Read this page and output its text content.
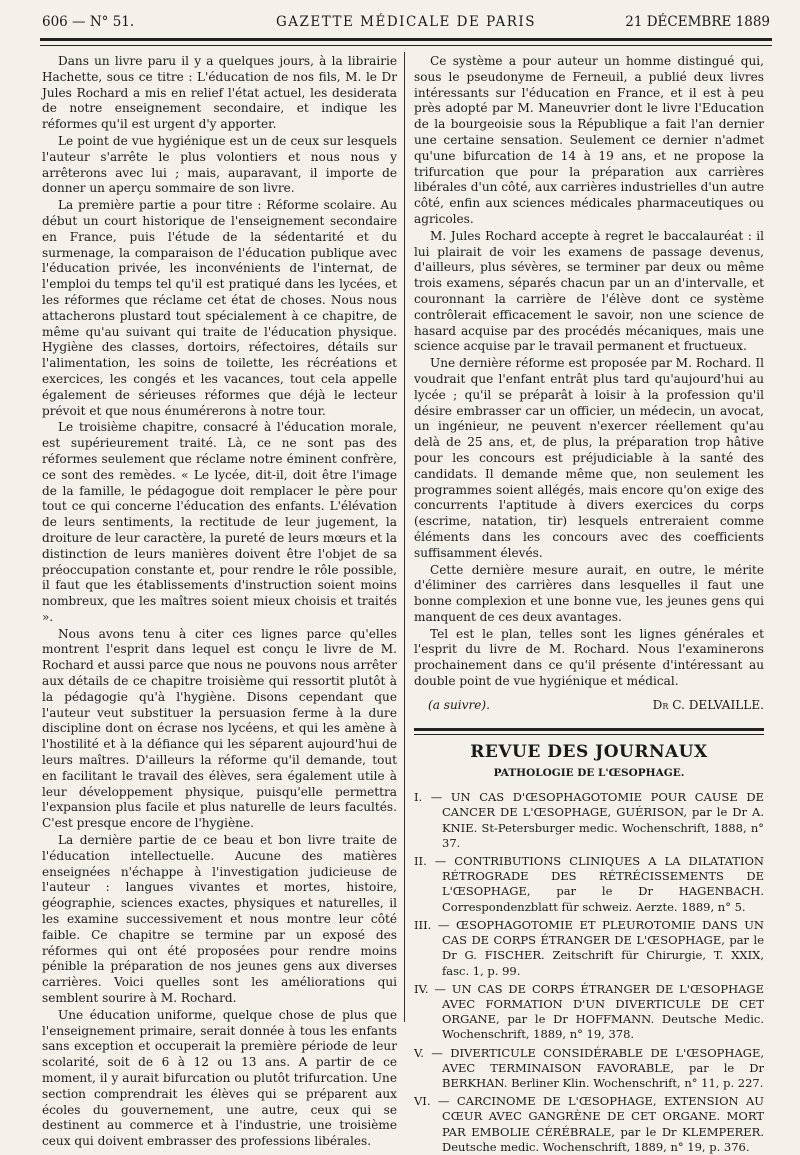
606 — N° 51.	GAZETTE MÉDICALE DE PARIS	21 DÉCEMBRE 1889

Dans un livre paru il y a quelques jours, à la librairie Hachette, sous ce titre : L'éducation de nos fils, M. le Dr Jules Rochard a mis en relief l'état actuel, les desiderata de notre enseignement secondaire, et indique les réformes qu'il est urgent d'y apporter.

Le point de vue hygiénique est un de ceux sur lesquels l'auteur s'arrête le plus volontiers et nous nous y arrêterons avec lui ; mais, auparavant, il importe de donner un aperçu sommaire de son livre.

La première partie a pour titre : Réforme scolaire. Au début un court historique de l'enseignement secondaire en France, puis l'étude de la sédentarité et du surmenage, la comparaison de l'éducation publique avec l'éducation privée, les inconvénients de l'internat, de l'emploi du temps tel qu'il est pratiqué dans les lycées, et les réformes que réclame cet état de choses. Nous nous attacherons plustard tout spécialement à ce chapitre, de même qu'au suivant qui traite de l'éducation physique. Hygiène des classes, dortoirs, réfectoires, détails sur l'alimentation, les soins de toilette, les récréations et exercices, les congés et les vacances, tout cela appelle également de sérieuses réformes que déjà le lecteur prévoit et que nous énumérerons à notre tour.

Le troisième chapitre, consacré à l'éducation morale, est supérieurement traité. Là, ce ne sont pas des réformes seulement que réclame notre éminent confrère, ce sont des remèdes. « Le lycée, dit-il, doit être l'image de la famille, le pédagogue doit remplacer le père pour tout ce qui concerne l'éducation des enfants. L'élévation de leurs sentiments, la rectitude de leur jugement, la droiture de leur caractère, la pureté de leurs mœurs et la distinction de leurs manières doivent être l'objet de sa préoccupation constante et, pour rendre le rôle possible, il faut que les établissements d'instruction soient moins nombreux, que les maîtres soient mieux choisis et traités ».

Nous avons tenu à citer ces lignes parce qu'elles montrent l'esprit dans lequel est conçu le livre de M. Rochard et aussi parce que nous ne pouvons nous arrêter aux détails de ce chapitre troisième qui ressortit plutôt à la pédagogie qu'à l'hygiène. Disons cependant que l'auteur veut substituer la persuasion ferme à la dure discipline dont on écrase nos lycéens, et qui les amène à l'hostilité et à la défiance qui les séparent aujourd'hui de leurs maîtres. D'ailleurs la réforme qu'il demande, tout en facilitant le travail des élèves, sera également utile à leur développement physique, puisqu'elle permettra l'expansion plus facile et plus naturelle de leurs facultés. C'est presque encore de l'hygiène.

La dernière partie de ce beau et bon livre traite de l'éducation intellectuelle. Aucune des matières enseignées n'échappe à l'investigation judicieuse de l'auteur : langues vivantes et mortes, histoire, géographie, sciences exactes, physiques et naturelles, il les examine successivement et nous montre leur côté faible. Ce chapitre se termine par un exposé des réformes qui ont été proposées pour rendre moins pénible la préparation de nos jeunes gens aux diverses carrières. Voici quelles sont les améliorations qui semblent sourire à M. Rochard.

Une éducation uniforme, quelque chose de plus que l'enseignement primaire, serait donnée à tous les enfants sans exception et occuperait la première période de leur scolarité, soit de 6 à 12 ou 13 ans. A partir de ce moment, il y aurait bifurcation ou plutôt trifurcation. Une section comprendrait les élèves qui se préparent aux écoles du gouvernement, une autre, ceux qui se destinent au commerce et à l'industrie, une troisième ceux qui doivent embrasser des professions libérales.

Ce système a pour auteur un homme distingué qui, sous le pseudonyme de Ferneuil, a publié deux livres intéressants sur l'éducation en France, et il est à peu près adopté par M. Maneuvrier dont le livre l'Education de la bourgeoisie sous la République a fait l'an dernier une certaine sensation. Seulement ce dernier n'admet qu'une bifurcation de 14 à 19 ans, et ne propose la trifurcation que pour la préparation aux carrières libérales d'un côté, aux carrières industrielles d'un autre côté, enfin aux sciences médicales pharmaceutiques ou agricoles.

M. Jules Rochard accepte à regret le baccalauréat : il lui plairait de voir les examens de passage devenus, d'ailleurs, plus sévères, se terminer par deux ou même trois examens, séparés chacun par un an d'intervalle, et couronnant la carrière de l'élève dont ce système contrôlerait efficacement le savoir, non une science de hasard acquise par des procédés mécaniques, mais une science acquise par le travail permanent et fructueux.

Une dernière réforme est proposée par M. Rochard. Il voudrait que l'enfant entrât plus tard qu'aujourd'hui au lycée ; qu'il se préparât à loisir à la profession qu'il désire embrasser car un officier, un médecin, un avocat, un ingénieur, ne peuvent n'exercer réellement qu'au delà de 25 ans, et, de plus, la préparation trop hâtive pour les concours est préjudiciable à la santé des candidats. Il demande même que, non seulement les programmes soient allégés, mais encore qu'on exige des concurrents l'aptitude à divers exercices du corps (escrime, natation, tir) lesquels entreraient comme éléments dans les concours avec des coefficients suffisamment élevés.

Cette dernière mesure aurait, en outre, le mérite d'éliminer des carrières dans lesquelles il faut une bonne complexion et une bonne vue, les jeunes gens qui manquent de ces deux avantages.

Tel est le plan, telles sont les lignes générales et l'esprit du livre de M. Rochard. Nous l'examinerons prochainement dans ce qu'il présente d'intéressant au double point de vue hygiénique et médical.

(a suivre).	Dr C. DELVAILLE.
REVUE DES JOURNAUX
PATHOLOGIE DE L'ŒSOPHAGE.
I. — UN CAS D'ŒSOPHAGOTOMIE POUR CAUSE DE CANCER DE L'ŒSOPHAGE, GUÉRISON, par le Dr A. KNIE. St-Petersburger medic. Wochenschrift, 1888, n° 37.
II. — CONTRIBUTIONS CLINIQUES A LA DILATATION RÉTROGRADE DES RÉTRÉCISSEMENTS DE L'ŒSOPHAGE, par le Dr HAGENBACH. Correspondenzblatt für schweiz. Aerzte. 1889, n° 5.
III. — ŒSOPHAGOTOMIE ET PLEUROTOMIE DANS UN CAS DE CORPS ÉTRANGER DE L'ŒSOPHAGE, par le Dr G. FISCHER. Zeitschrift für Chirurgie, T. XXIX, fasc. 1, p. 99.
IV. — UN CAS DE CORPS ÉTRANGER DE L'ŒSOPHAGE AVEC FORMATION D'UN DIVERTICULE DE CET ORGANE, par le Dr HOFFMANN. Deutsche Medic. Wochenschrift, 1889, n° 19, 378.
V. — DIVERTICULE CONSIDÉRABLE DE L'ŒSOPHAGE, AVEC TERMINAISON FAVORABLE, par le Dr BERKHAN. Berliner Klin. Wochenschrift, n° 11, p. 227.
VI. — CARCINOME DE L'ŒSOPHAGE, EXTENSION AU CŒUR AVEC GANGRÈNE DE CET ORGANE. MORT PAR EMBOLIE CÉRÉBRALE, par le Dr KLEMPERER. Deutsche medic. Wochenschrift, 1889, n° 19, p. 376.
